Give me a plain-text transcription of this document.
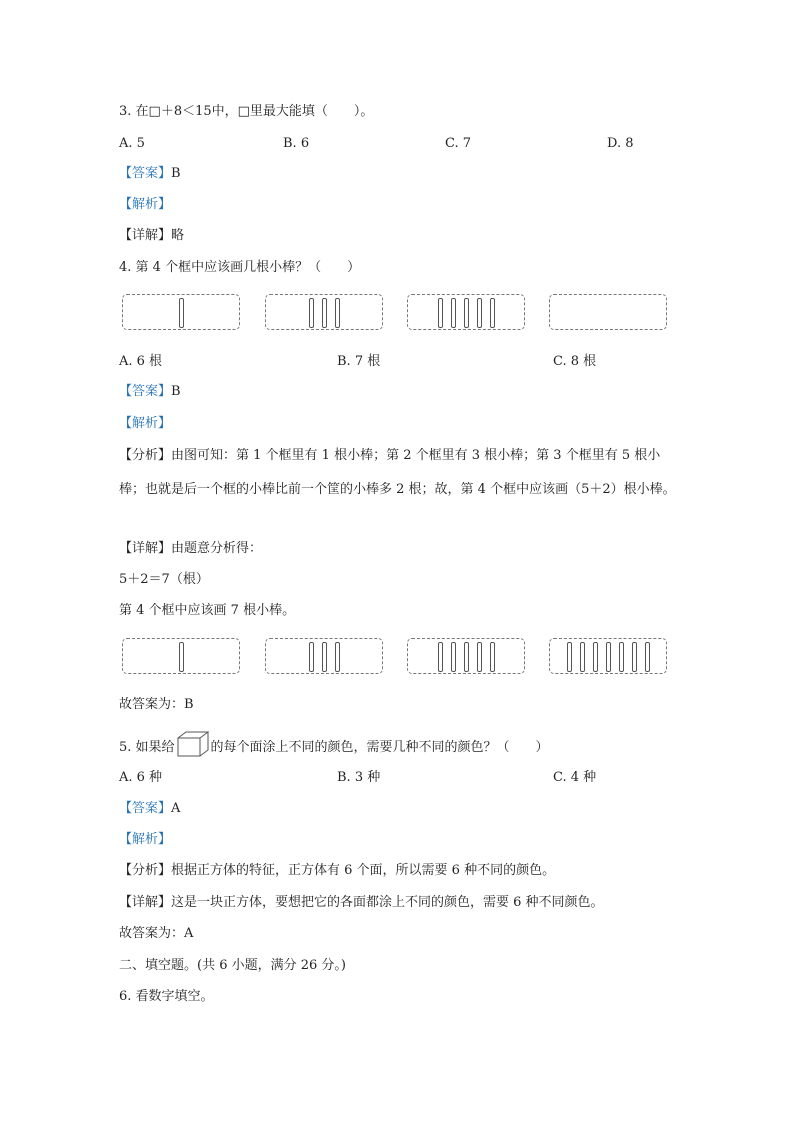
3. 在□＋8＜15中，□里最大能填（　　）。
A. 5	B. 6	C. 7	D. 8
【答案】B
【解析】
【详解】略
4. 第 4 个框中应该画几根小棒？（　　）
A. 6 根	B. 7 根	C. 8 根
【答案】B
【解析】
【分析】由图可知：第 1 个框里有 1 根小棒；第 2 个框里有 3 根小棒；第 3 个框里有 5 根小棒；也就是后一个框的小棒比前一个筐的小棒多 2 根；故，第 4 个框中应该画（5＋2）根小棒。
【详解】由题意分析得：
5＋2＝7（根）
第 4 个框中应该画 7 根小棒。
故答案为：B
5. 如果给	的每个面涂上不同的颜色，需要几种不同的颜色？（　　）
A. 6 种	B. 3 种	C. 4 种
【答案】A
【解析】
【分析】根据正方体的特征，正方体有 6 个面，所以需要 6 种不同的颜色。
【详解】这是一块正方体，要想把它的各面都涂上不同的颜色，需要 6 种不同颜色。
故答案为：A
二、填空题。(共 6 小题，满分 26 分。)
6. 看数字填空。
